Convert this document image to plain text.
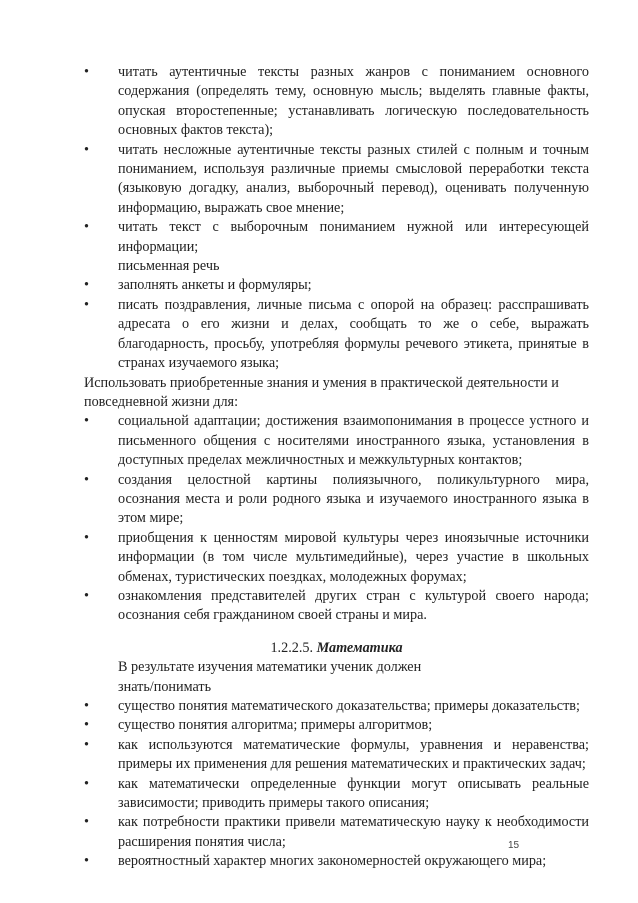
• читать аутентичные тексты разных жанров с пониманием основного содержания (определять тему, основную мысль; выделять главные факты, опуская второстепенные; устанавливать логическую последовательность основных фактов текста);
• читать несложные аутентичные тексты разных стилей с полным и точным пониманием, используя различные приемы смысловой переработки текста (языковую догадку, анализ, выборочный перевод), оценивать полученную информацию, выражать свое мнение;
• читать текст с выборочным пониманием нужной или интересующей информации;
письменная речь
• заполнять анкеты и формуляры;
• писать поздравления, личные письма с опорой на образец: расспрашивать адресата о его жизни и делах, сообщать то же о себе, выражать благодарность, просьбу, употребляя формулы речевого этикета, принятые в странах изучаемого языка;
Использовать приобретенные знания и умения в практической деятельности и повседневной жизни для:
• социальной адаптации; достижения взаимопонимания в процессе устного и письменного общения с носителями иностранного языка, установления в доступных пределах межличностных и межкультурных контактов;
• создания целостной картины полиязычного, поликультурного мира, осознания места и роли родного языка и изучаемого иностранного языка в этом мире;
• приобщения к ценностям мировой культуры через иноязычные источники информации (в том числе мультимедийные), через участие в школьных обменах, туристических поездках, молодежных форумах;
• ознакомления представителей других стран с культурой своего народа; осознания себя гражданином своей страны и мира.
1.2.2.5. Математика
В результате изучения математики ученик должен
знать/понимать
• существо понятия математического доказательства; примеры доказательств;
• существо понятия алгоритма; примеры алгоритмов;
• как используются математические формулы, уравнения и неравенства; примеры их применения для решения математических и практических задач;
• как математически определенные функции могут описывать реальные зависимости; приводить примеры такого описания;
• как потребности практики привели математическую науку к необходимости расширения понятия числа;
• вероятностный характер многих закономерностей окружающего мира;
15
